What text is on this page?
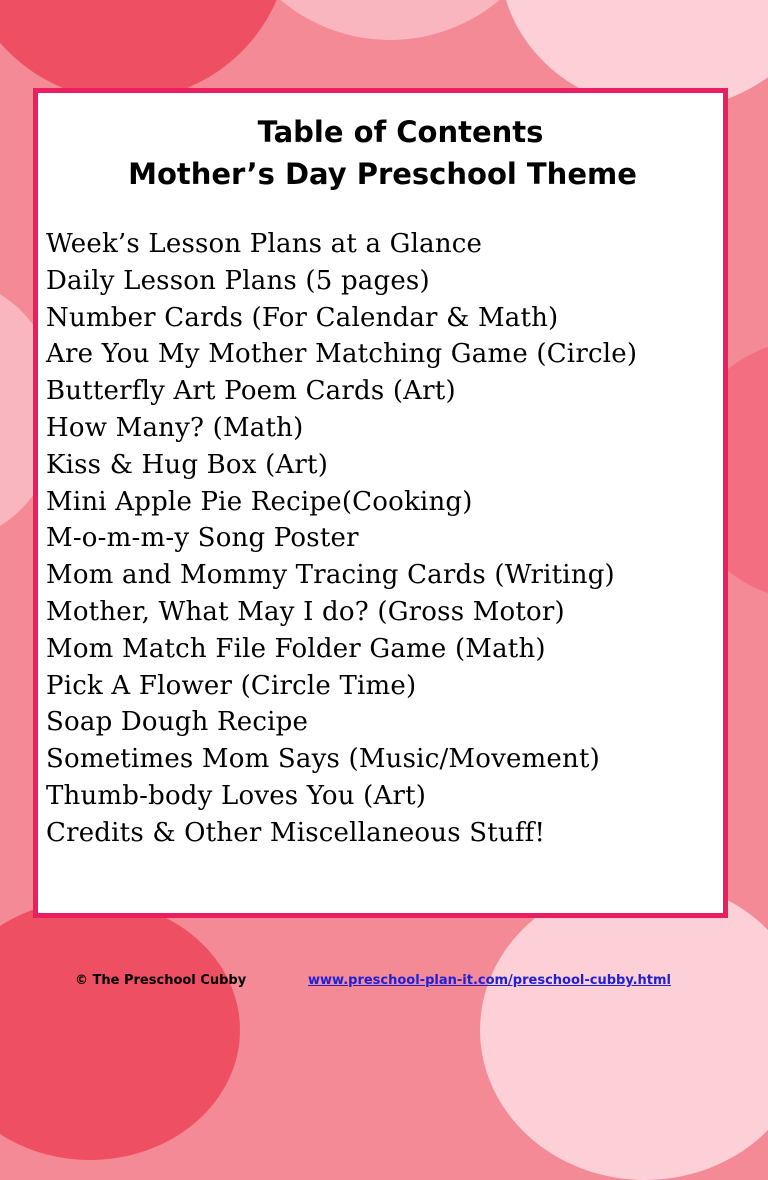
Table of Contents
Mother’s Day Preschool Theme
Week’s Lesson Plans at a Glance
Daily Lesson Plans (5 pages)
Number Cards (For Calendar & Math)
Are You My Mother Matching Game (Circle)
Butterfly Art Poem Cards (Art)
How Many? (Math)
Kiss & Hug Box (Art)
Mini Apple Pie Recipe(Cooking)
M-o-m-m-y Song Poster
Mom and Mommy Tracing Cards (Writing)
Mother, What May I do? (Gross Motor)
Mom Match File Folder Game (Math)
Pick A Flower (Circle Time)
Soap Dough Recipe
Sometimes Mom Says (Music/Movement)
Thumb-body Loves You (Art)
Credits & Other Miscellaneous Stuff!
© The Preschool Cubby	www.preschool-plan-it.com/preschool-cubby.html
